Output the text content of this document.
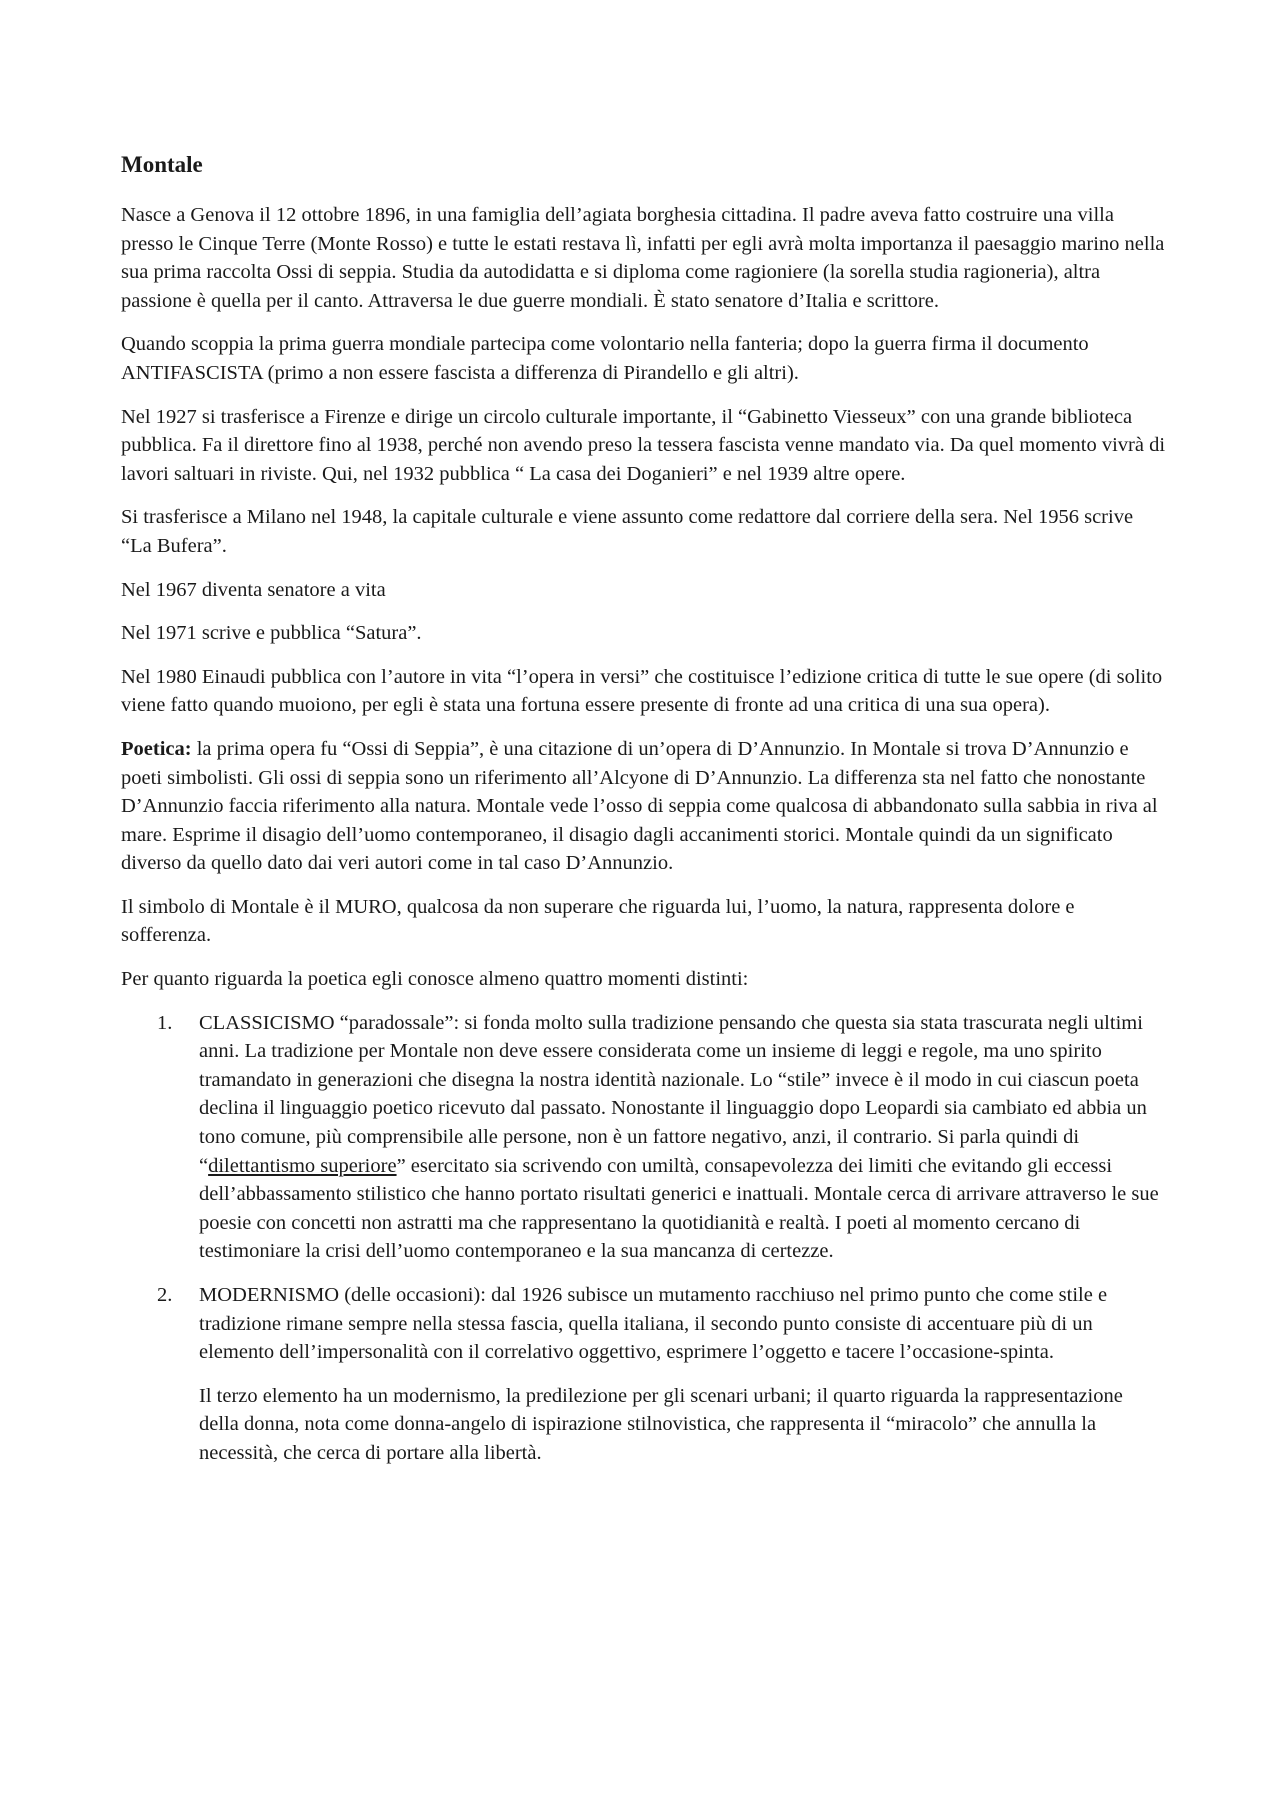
Montale

Nasce a Genova il 12 ottobre 1896, in una famiglia dell’agiata borghesia cittadina. Il padre aveva fatto costruire una villa presso le Cinque Terre (Monte Rosso) e tutte le estati restava lì, infatti per egli avrà molta importanza il paesaggio marino nella sua prima raccolta Ossi di seppia. Studia da autodidatta e si diploma come ragioniere (la sorella studia ragioneria), altra passione è quella per il canto. Attraversa le due guerre mondiali. È stato senatore d’Italia e scrittore.

Quando scoppia la prima guerra mondiale partecipa come volontario nella fanteria; dopo la guerra firma il documento ANTIFASCISTA (primo a non essere fascista a differenza di Pirandello e gli altri).

Nel 1927 si trasferisce a Firenze e dirige un circolo culturale importante, il “Gabinetto Viesseux” con una grande biblioteca pubblica. Fa il direttore fino al 1938, perché non avendo preso la tessera fascista venne mandato via. Da quel momento vivrà di lavori saltuari in riviste. Qui, nel 1932 pubblica “ La casa dei Doganieri” e nel 1939 altre opere.

Si trasferisce a Milano nel 1948, la capitale culturale e viene assunto come redattore dal corriere della sera. Nel 1956 scrive “La Bufera”.

Nel 1967 diventa senatore a vita

Nel 1971 scrive e pubblica “Satura”.

Nel 1980 Einaudi pubblica con l’autore in vita “l’opera in versi” che costituisce l’edizione critica di tutte le sue opere (di solito viene fatto quando muoiono, per egli è stata una fortuna essere presente di fronte ad una critica di una sua opera).

Poetica: la prima opera fu “Ossi di Seppia”, è una citazione di un’opera di D’Annunzio. In Montale si trova D’Annunzio e poeti simbolisti. Gli ossi di seppia sono un riferimento all’Alcyone di D’Annunzio. La differenza sta nel fatto che nonostante D’Annunzio faccia riferimento alla natura. Montale vede l’osso di seppia come qualcosa di abbandonato sulla sabbia in riva al mare. Esprime il disagio dell’uomo contemporaneo, il disagio dagli accanimenti storici. Montale quindi da un significato diverso da quello dato dai veri autori come in tal caso D’Annunzio.

Il simbolo di Montale è il MURO, qualcosa da non superare che riguarda lui, l’uomo, la natura, rappresenta dolore e sofferenza.

Per quanto riguarda la poetica egli conosce almeno quattro momenti distinti:

1.	CLASSICISMO “paradossale”: si fonda molto sulla tradizione pensando che questa sia stata trascurata negli ultimi anni. La tradizione per Montale non deve essere considerata come un insieme di leggi e regole, ma uno spirito tramandato in generazioni che disegna la nostra identità nazionale. Lo “stile” invece è il modo in cui ciascun poeta declina il linguaggio poetico ricevuto dal passato. Nonostante il linguaggio dopo Leopardi sia cambiato ed abbia un tono comune, più comprensibile alle persone, non è un fattore negativo, anzi, il contrario. Si parla quindi di “dilettantismo superiore” esercitato sia scrivendo con umiltà, consapevolezza dei limiti che evitando gli eccessi dell’abbassamento stilistico che hanno portato risultati generici e inattuali. Montale cerca di arrivare attraverso le sue poesie con concetti non astratti ma che rappresentano la quotidianità e realtà. I poeti al momento cercano di testimoniare la crisi dell’uomo contemporaneo e la sua mancanza di certezze.
2.	MODERNISMO (delle occasioni): dal 1926 subisce un mutamento racchiuso nel primo punto che come stile e tradizione rimane sempre nella stessa fascia, quella italiana, il secondo punto consiste di accentuare più di un elemento dell’impersonalità con il correlativo oggettivo, esprimere l’oggetto e tacere l’occasione-spinta.

Il terzo elemento ha un modernismo, la predilezione per gli scenari urbani; il quarto riguarda la rappresentazione della donna, nota come donna-angelo di ispirazione stilnovistica, che rappresenta il “miracolo” che annulla la necessità, che cerca di portare alla libertà.
